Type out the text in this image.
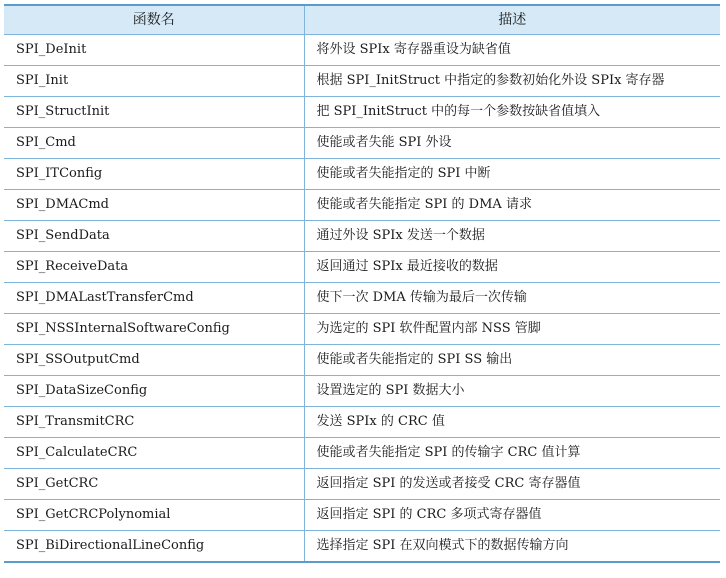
函数名	描述
SPI_DeInit	将外设 SPIx 寄存器重设为缺省值
SPI_Init	根据 SPI_InitStruct 中指定的参数初始化外设 SPIx 寄存器
SPI_StructInit	把 SPI_InitStruct 中的每一个参数按缺省值填入
SPI_Cmd	使能或者失能 SPI 外设
SPI_ITConfig	使能或者失能指定的 SPI 中断
SPI_DMACmd	使能或者失能指定 SPI 的 DMA 请求
SPI_SendData	通过外设 SPIx 发送一个数据
SPI_ReceiveData	返回通过 SPIx 最近接收的数据
SPI_DMALastTransferCmd	使下一次 DMA 传输为最后一次传输
SPI_NSSInternalSoftwareConfig	为选定的 SPI 软件配置内部 NSS 管脚
SPI_SSOutputCmd	使能或者失能指定的 SPI SS 输出
SPI_DataSizeConfig	设置选定的 SPI 数据大小
SPI_TransmitCRC	发送 SPIx 的 CRC 值
SPI_CalculateCRC	使能或者失能指定 SPI 的传输字 CRC 值计算
SPI_GetCRC	返回指定 SPI 的发送或者接受 CRC 寄存器值
SPI_GetCRCPolynomial	返回指定 SPI 的 CRC 多项式寄存器值
SPI_BiDirectionalLineConfig	选择指定 SPI 在双向模式下的数据传输方向
